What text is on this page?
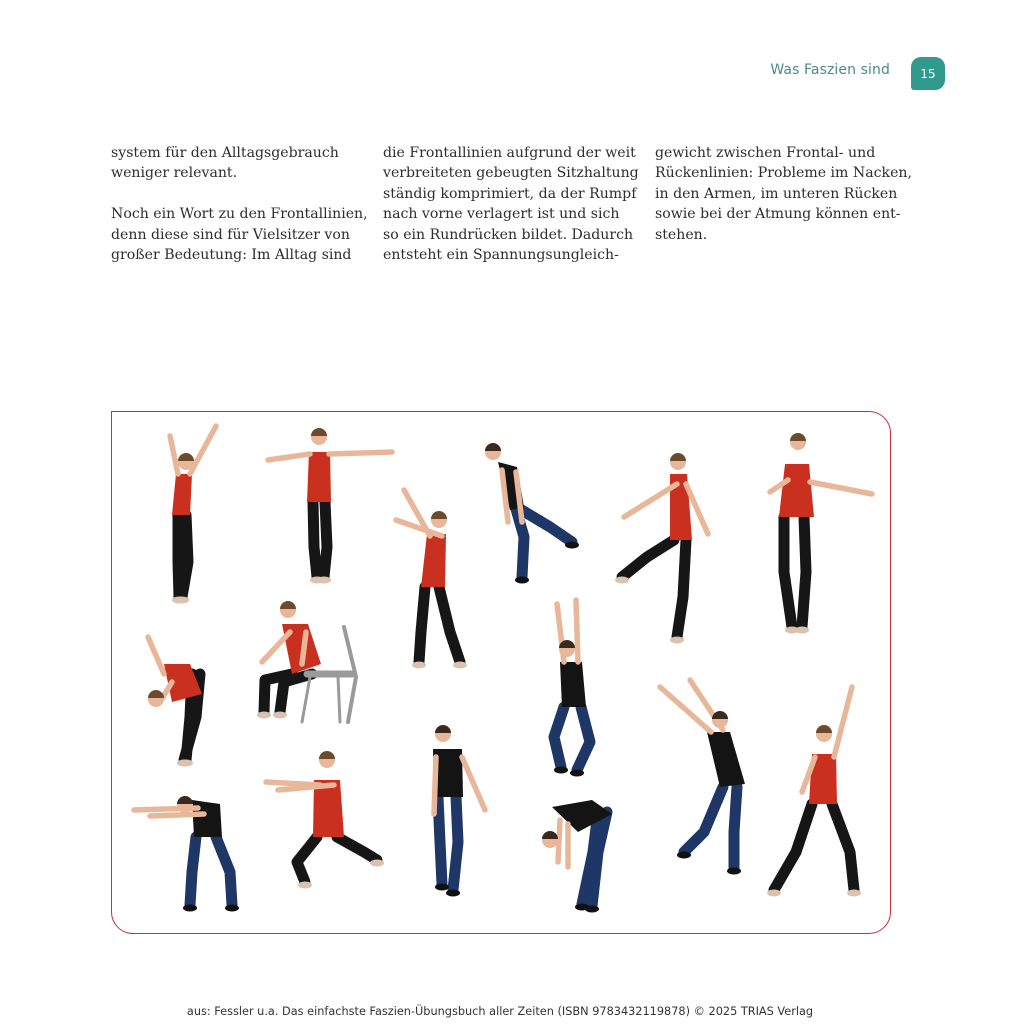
Was Faszien sind	15

system für den Alltagsgebrauch
weniger relevant.

Noch ein Wort zu den Frontallinien,
denn diese sind für Vielsitzer von
großer Bedeutung: Im Alltag sind

die Frontallinien aufgrund der weit
verbreiteten gebeugten Sitzhaltung
ständig komprimiert, da der Rumpf
nach vorne verlagert ist und sich
so ein Rundrücken bildet. Dadurch
entsteht ein Spannungsungleich-

gewicht zwischen Frontal- und
Rückenlinien: Probleme im Nacken,
in den Armen, im unteren Rücken
sowie bei der Atmung können ent-
stehen.

aus: Fessler u.a. Das einfachste Faszien-Übungsbuch aller Zeiten (ISBN 9783432119878) © 2025 TRIAS Verlag
